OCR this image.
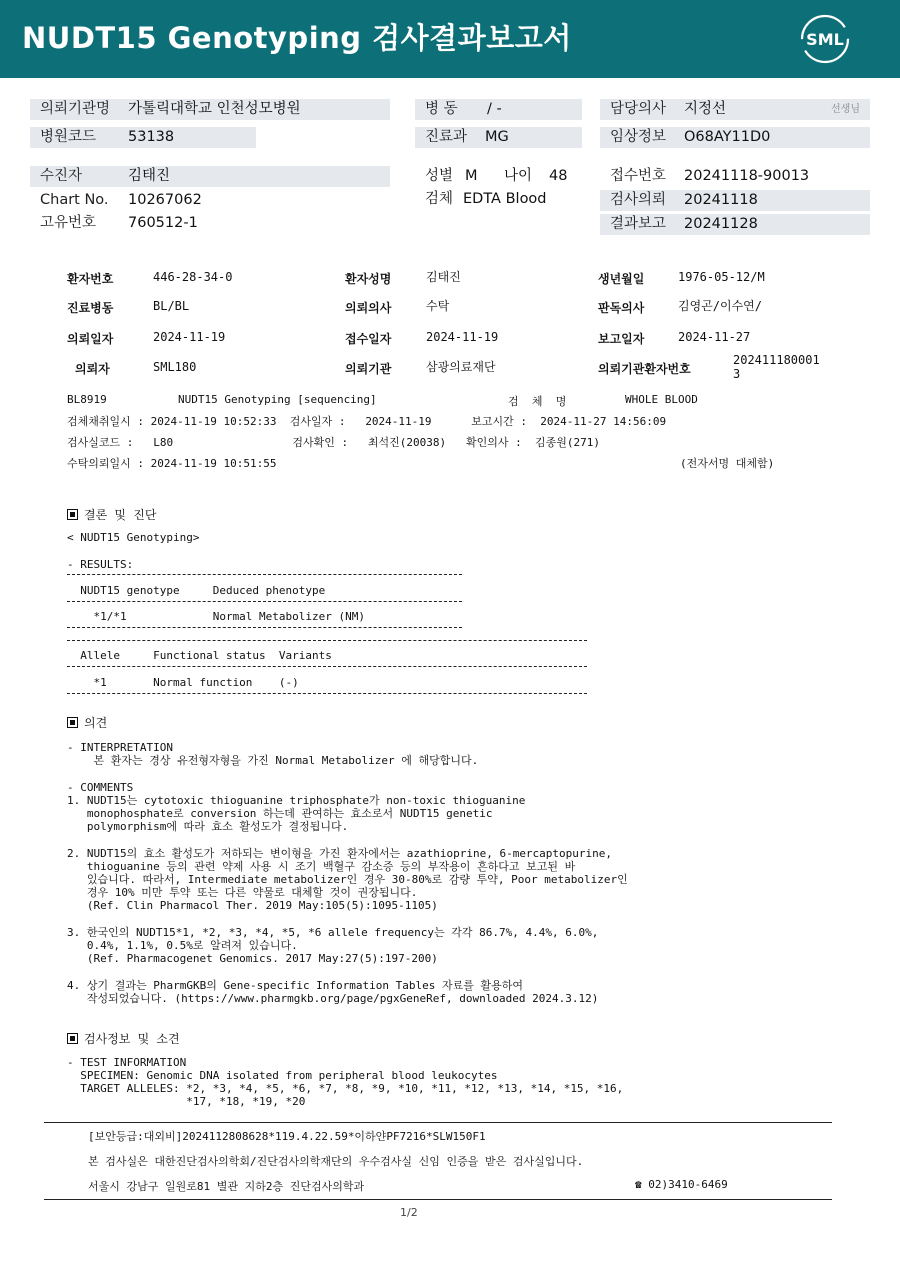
NUDT15 Genotyping 검사결과보고서	SML
의뢰기관명 가톨릭대학교 인천성모병원	병 동 / -	담당의사 지정선	선생님
병원코드 53138	진료과 MG	임상정보 O68AY11D0
수진자	김태진	성별 M 나이 48	접수번호 20241118-90013
Chart No. 10267062	검체 EDTA Blood	검사의뢰 20241118
고유번호 760512-1	결과보고 20241128
환자번호	446-28-34-0	환자성명	김태진	생년월일	1976-05-12/M
진료병동	BL/BL	의뢰의사	수탁	판독의사	김영곤/이수연/
의뢰일자	2024-11-19	접수일자	2024-11-19	보고일자	2024-11-27
의뢰자	SML180	의뢰기관	삼광의료재단	의뢰기관환자번호
202411180001
3
BL8919	NUDT15 Genotyping [sequencing]	검  체  명	WHOLE BLOOD
검체채취일시 : 2024-11-19 10:52:33  검사일자 :   2024-11-19      보고시간 :  2024-11-27 14:56:09
검사실코드 :   L80                  검사확인 :   최석진(20038)   확인의사 :  김종원(271)
수탁의뢰일시 : 2024-11-19 10:51:55	(전자서명 대체함)
결론 및 진단
< NUDT15 Genotyping>
- RESULTS:
NUDT15 genotype     Deduced phenotype
*1/*1             Normal Metabolizer (NM)
Allele     Functional status  Variants
*1       Normal function    (-)
의견
- INTERPRETATION
본 환자는 경상 유전형자형을 가진 Normal Metabolizer 에 해당합니다.
- COMMENTS
1. NUDT15는 cytotoxic thioguanine triphosphate가 non-toxic thioguanine
monophosphate로 conversion 하는데 관여하는 효소로서 NUDT15 genetic
polymorphism에 따라 효소 활성도가 결정됩니다.
2. NUDT15의 효소 활성도가 저하되는 변이형을 가진 환자에서는 azathioprine, 6-mercaptopurine,
thioguanine 등의 관련 약제 사용 시 조기 백혈구 감소증 등의 부작용이 흔하다고 보고된 바
있습니다. 따라서, Intermediate metabolizer인 경우 30-80%로 감량 투약, Poor metabolizer인
경우 10% 미만 투약 또는 다른 약물로 대체할 것이 권장됩니다.
(Ref. Clin Pharmacol Ther. 2019 May:105(5):1095-1105)
3. 한국인의 NUDT15*1, *2, *3, *4, *5, *6 allele frequency는 각각 86.7%, 4.4%, 6.0%,
0.4%, 1.1%, 0.5%로 알려져 있습니다.
(Ref. Pharmacogenet Genomics. 2017 May:27(5):197-200)
4. 상기 결과는 PharmGKB의 Gene-specific Information Tables 자료를 활용하여
작성되었습니다. (https://www.pharmgkb.org/page/pgxGeneRef, downloaded 2024.3.12)
검사정보 및 소견
- TEST INFORMATION
SPECIMEN: Genomic DNA isolated from peripheral blood leukocytes
TARGET ALLELES: *2, *3, *4, *5, *6, *7, *8, *9, *10, *11, *12, *13, *14, *15, *16,
*17, *18, *19, *20
[보안등급:대외비]2024112808628*119.4.22.59*이하얀PF7216*SLW150F1
본 검사실은 대한진단검사의학회/진단검사의학재단의 우수검사실 신임 인증을 받은 검사실입니다.
서울시 강남구 일원로81 별관 지하2층 진단검사의학과	☎ 02)3410-6469
1/2
